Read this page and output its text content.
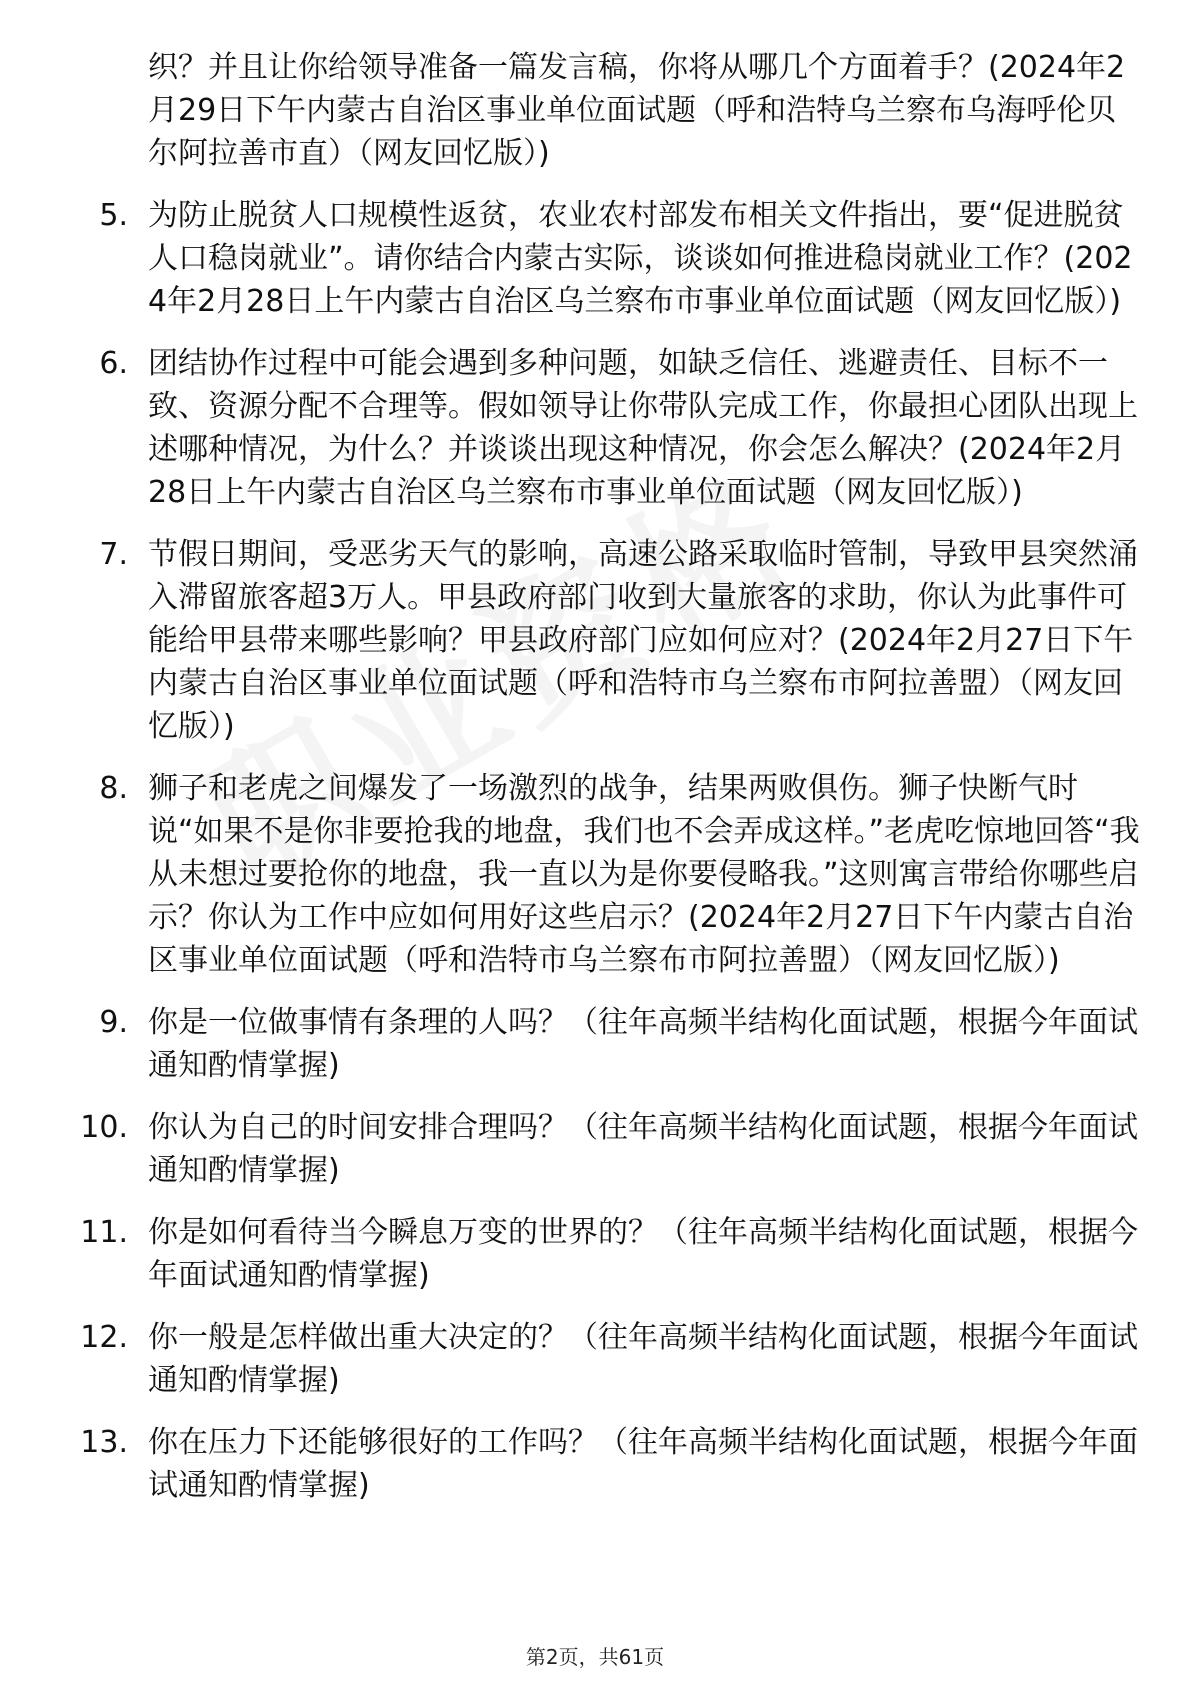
织？并且让你给领导准备一篇发言稿，你将从哪几个方面着手？(2024年2月29日下午内蒙古自治区事业单位面试题（呼和浩特乌兰察布乌海呼伦贝尔阿拉善市直）（网友回忆版）)
5. 为防止脱贫人口规模性返贫，农业农村部发布相关文件指出，要“促进脱贫人口稳岗就业”。请你结合内蒙古实际，谈谈如何推进稳岗就业工作？(2024年2月28日上午内蒙古自治区乌兰察布市事业单位面试题（网友回忆版）)
6. 团结协作过程中可能会遇到多种问题，如缺乏信任、逃避责任、目标不一致、资源分配不合理等。假如领导让你带队完成工作，你最担心团队出现上述哪种情况，为什么？并谈谈出现这种情况，你会怎么解决？(2024年2月28日上午内蒙古自治区乌兰察布市事业单位面试题（网友回忆版）)
7. 节假日期间，受恶劣天气的影响，高速公路采取临时管制，导致甲县突然涌入滞留旅客超3万人。甲县政府部门收到大量旅客的求助，你认为此事件可能给甲县带来哪些影响？甲县政府部门应如何应对？(2024年2月27日下午内蒙古自治区事业单位面试题（呼和浩特市乌兰察布市阿拉善盟）（网友回忆版）)
8. 狮子和老虎之间爆发了一场激烈的战争，结果两败俱伤。狮子快断气时说“如果不是你非要抢我的地盘，我们也不会弄成这样。”老虎吃惊地回答“我从未想过要抢你的地盘，我一直以为是你要侵略我。”这则寓言带给你哪些启示？你认为工作中应如何用好这些启示？(2024年2月27日下午内蒙古自治区事业单位面试题（呼和浩特市乌兰察布市阿拉善盟）（网友回忆版）)
9. 你是一位做事情有条理的人吗？（往年高频半结构化面试题，根据今年面试通知酌情掌握)
10. 你认为自己的时间安排合理吗？（往年高频半结构化面试题，根据今年面试通知酌情掌握)
11. 你是如何看待当今瞬息万变的世界的？（往年高频半结构化面试题，根据今年面试通知酌情掌握)
12. 你一般是怎样做出重大决定的？（往年高频半结构化面试题，根据今年面试通知酌情掌握)
13. 你在压力下还能够很好的工作吗？（往年高频半结构化面试题，根据今年面试通知酌情掌握)
第2页，共61页
